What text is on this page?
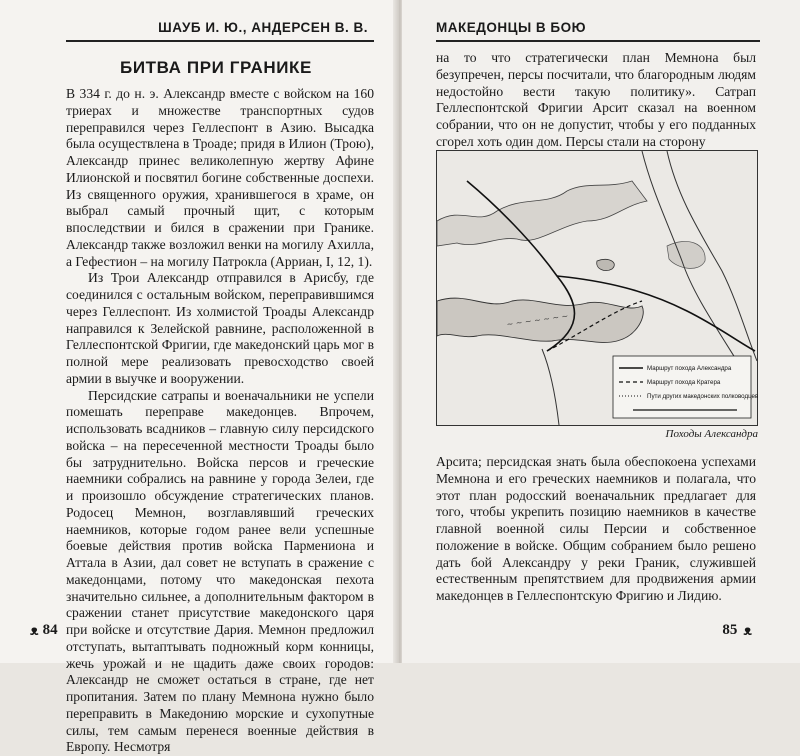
ШАУБ И. Ю., АНДЕРСЕН В. В.
БИТВА ПРИ ГРАНИКЕ

В 334 г. до н. э. Александр вместе с войском на 160 триерах и множестве транспортных судов переправился через Геллеспонт в Азию. Высадка была осуществлена в Троаде; придя в Илион (Трою), Александр принес великолепную жертву Афине Илионской и посвятил богине собственные доспехи. Из священного оружия, хранившегося в храме, он выбрал самый прочный щит, с которым впоследствии и бился в сражении при Гранике. Александр также возложил венки на могилу Ахилла, а Гефестион – на могилу Патрокла (Арриан, I, 12, 1).

Из Трои Александр отправился в Арисбу, где соединился с остальным войском, переправившимся через Геллеспонт. Из холмистой Троады Александр направился к Зелейской равнине, расположенной в Геллеспонтской Фригии, где македонский царь мог в полной мере реализовать превосходство своей армии в выучке и вооружении.

Персидские сатрапы и военачальники не успели помешать переправе македонцев. Впрочем, использовать всадников – главную силу персидского войска – на пересеченной местности Троады было бы затруднительно. Войска персов и греческие наемники собрались на равнине у города Зелеи, где и произошло обсуждение стратегических планов. Родосец Мемнон, возглавлявший греческих наемников, которые годом ранее вели успешные боевые действия против войска Пармениона и Аттала в Азии, дал совет не вступать в сражение с македонцами, потому что македонская пехота значительно сильнее, а дополнительным фактором в сражении станет присутствие македонского царя при войске и отсутствие Дария. Мемнон предложил отступать, вытаптывать подножный корм конницы, жечь урожай и не щадить даже своих городов: Александр не сможет остаться в стране, где нет пропитания. Затем по плану Мемнона нужно было переправить в Македонию морские и сухопутные силы, тем самым перенеся военные действия в Европу. Несмотря

ᴥ 84
МАКЕДОНЦЫ В БОЮ

на то что стратегически план Мемнона был безупречен, персы посчитали, что благородным людям недостойно вести такую политику». Сатрап Геллеспонтской Фригии Арсит сказал на военном собрании, что он не допустит, чтобы у его подданных сгорел хоть один дом. Персы стали на сторону

~ ~ ~ ~ ~ ~ ~
Маршрут похода Александра
Маршрут похода Кратера
Пути других македонских полководцев
Походы Александра

Арсита; персидская знать была обеспокоена успехами Мемнона и его греческих наемников и полагала, что этот план родосский военачальник предлагает для того, чтобы укрепить позицию наемников в качестве главной военной силы Персии и собственное положение в войске. Общим собранием было решено дать бой Александру у реки Граник, служившей естественным препятствием для продвижения армии македонцев в Геллеспонтскую Фригию и Лидию.

85 ᴥ
